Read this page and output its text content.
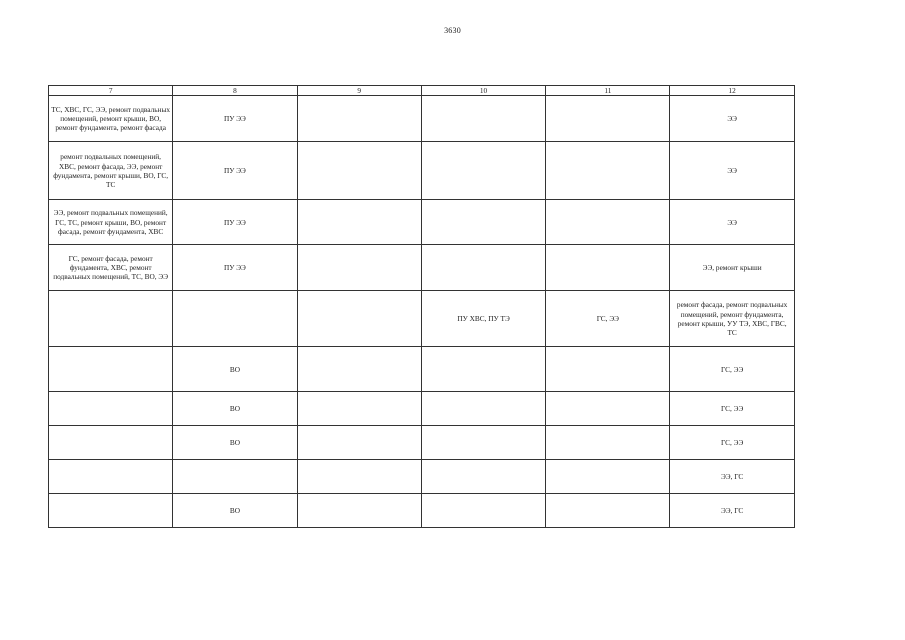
3630
7	8	9	10	11	12
ТС, ХВС, ГС, ЭЭ, ремонт подвальных помещений, ремонт крыши, ВО, ремонт фундамента, ремонт фасада	ПУ ЭЭ				ЭЭ
ремонт подвальных помещений, ХВС, ремонт фасада, ЭЭ, ремонт фундамента, ремонт крыши, ВО, ГС, ТС	ПУ ЭЭ				ЭЭ
ЭЭ, ремонт подвальных помещений, ГС, ТС, ремонт крыши, ВО, ремонт фасада, ремонт фундамента, ХВС	ПУ ЭЭ				ЭЭ
ГС, ремонт фасада, ремонт фундамента, ХВС, ремонт подвальных помещений, ТС, ВО, ЭЭ	ПУ ЭЭ				ЭЭ, ремонт крыши
			ПУ ХВС, ПУ ТЭ	ГС, ЭЭ	ремонт фасада, ремонт подвальных помещений, ремонт фундамента, ремонт крыши, УУ ТЭ, ХВС, ГВС, ТС
	ВО				ГС, ЭЭ
	ВО				ГС, ЭЭ
	ВО				ГС, ЭЭ
					ЭЭ, ГС
	ВО				ЭЭ, ГС
